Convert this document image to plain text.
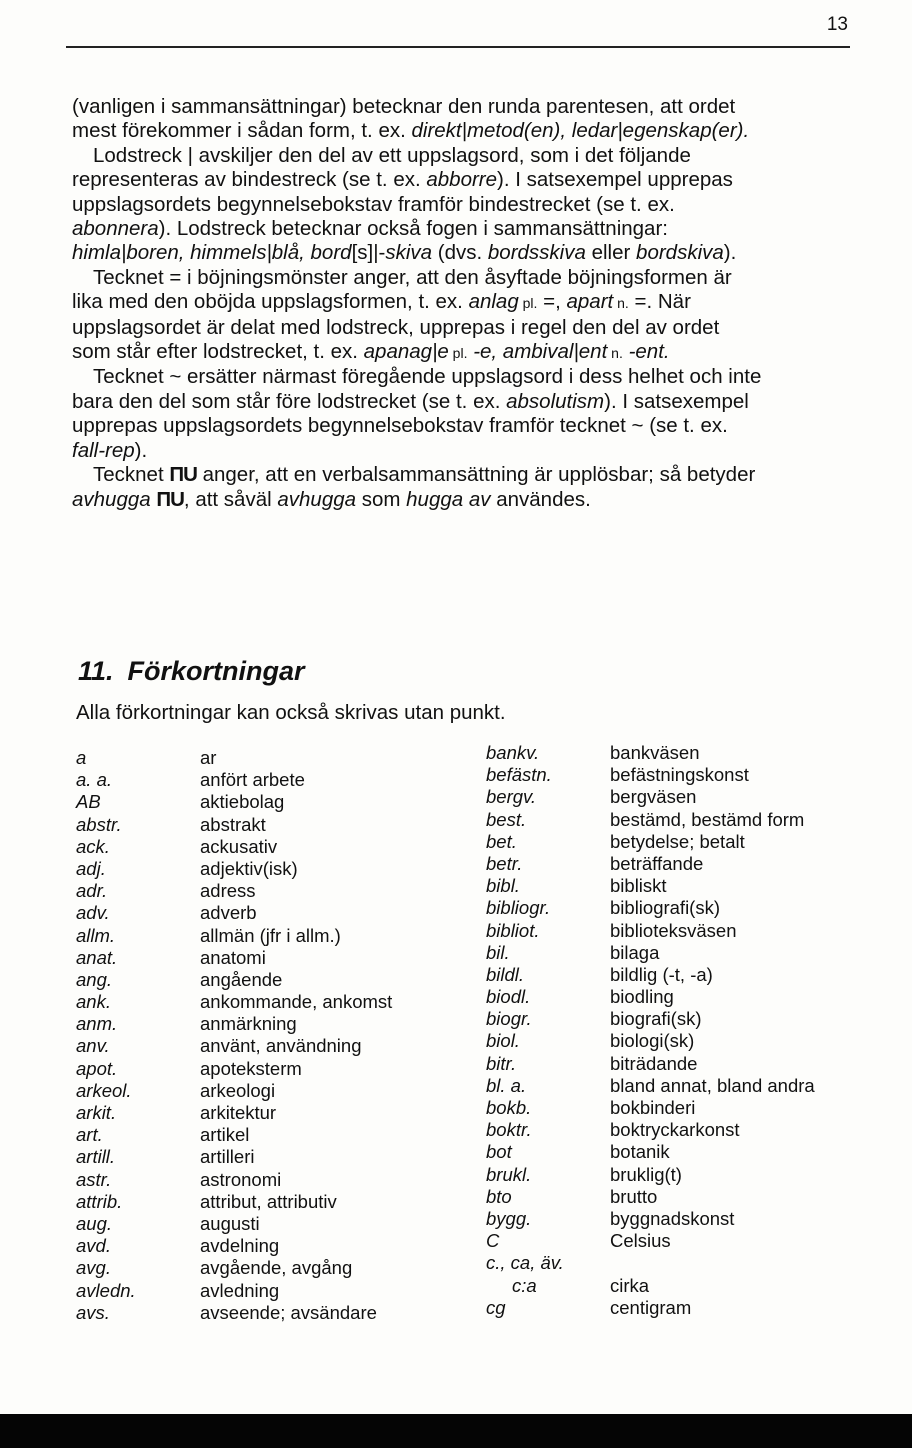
13

(vanligen i sammansättningar) betecknar den runda parentesen, att ordet mest förekommer i sådan form, t. ex. direkt|metod(en), ledar|egenskap(er).

Lodstreck | avskiljer den del av ett uppslagsord, som i det följande representeras av bindestreck (se t. ex. abborre). I satsexempel upprepas uppslagsordets begynnelsebokstav framför bindestrecket (se t. ex. abonnera). Lodstreck betecknar också fogen i sammansättningar: himla|boren, himmels|blå, bord[s]|-skiva (dvs. bordsskiva eller bordskiva).

Tecknet = i böjningsmönster anger, att den åsyftade böjningsformen är lika med den oböjda uppslagsformen, t. ex. anlag pl. =, apart n. =. När uppslagsordet är delat med lodstreck, upprepas i regel den del av ordet som står efter lodstrecket, t. ex. apanag|e pl. -e, ambival|ent n. -ent.

Tecknet ~ ersätter närmast föregående uppslagsord i dess helhet och inte bara den del som står före lodstrecket (se t. ex. absolutism). I satsexempel upprepas uppslagsordets begynnelsebokstav framför tecknet ~ (se t. ex. fall-rep).

Tecknet ПU anger, att en verbalsammansättning är upplösbar; så betyder avhugga ПU, att såväl avhugga som hugga av användes.

11. Förkortningar
Alla förkortningar kan också skrivas utan punkt.
a	ar
a. a.	anfört arbete
AB	aktiebolag
abstr.	abstrakt
ack.	ackusativ
adj.	adjektiv(isk)
adr.	adress
adv.	adverb
allm.	allmän (jfr i allm.)
anat.	anatomi
ang.	angående
ank.	ankommande, ankomst
anm.	anmärkning
anv.	använt, användning
apot.	apoteksterm
arkeol.	arkeologi
arkit.	arkitektur
art.	artikel
artill.	artilleri
astr.	astronomi
attrib.	attribut, attributiv
aug.	augusti
avd.	avdelning
avg.	avgående, avgång
avledn.	avledning
avs.	avseende; avsändare
bankv.	bankväsen
befästn.	befästningskonst
bergv.	bergväsen
best.	bestämd, bestämd form
bet.	betydelse; betalt
betr.	beträffande
bibl.	bibliskt
bibliogr.	bibliografi(sk)
bibliot.	biblioteksväsen
bil.	bilaga
bildl.	bildlig (-t, -a)
biodl.	biodling
biogr.	biografi(sk)
biol.	biologi(sk)
bitr.	biträdande
bl. a.	bland annat, bland andra
bokb.	bokbinderi
boktr.	boktryckarkonst
bot	botanik
brukl.	bruklig(t)
bto	brutto
bygg.	byggnadskonst
C	Celsius
c., ca, äv.
c:a	cirka
cg	centigram
